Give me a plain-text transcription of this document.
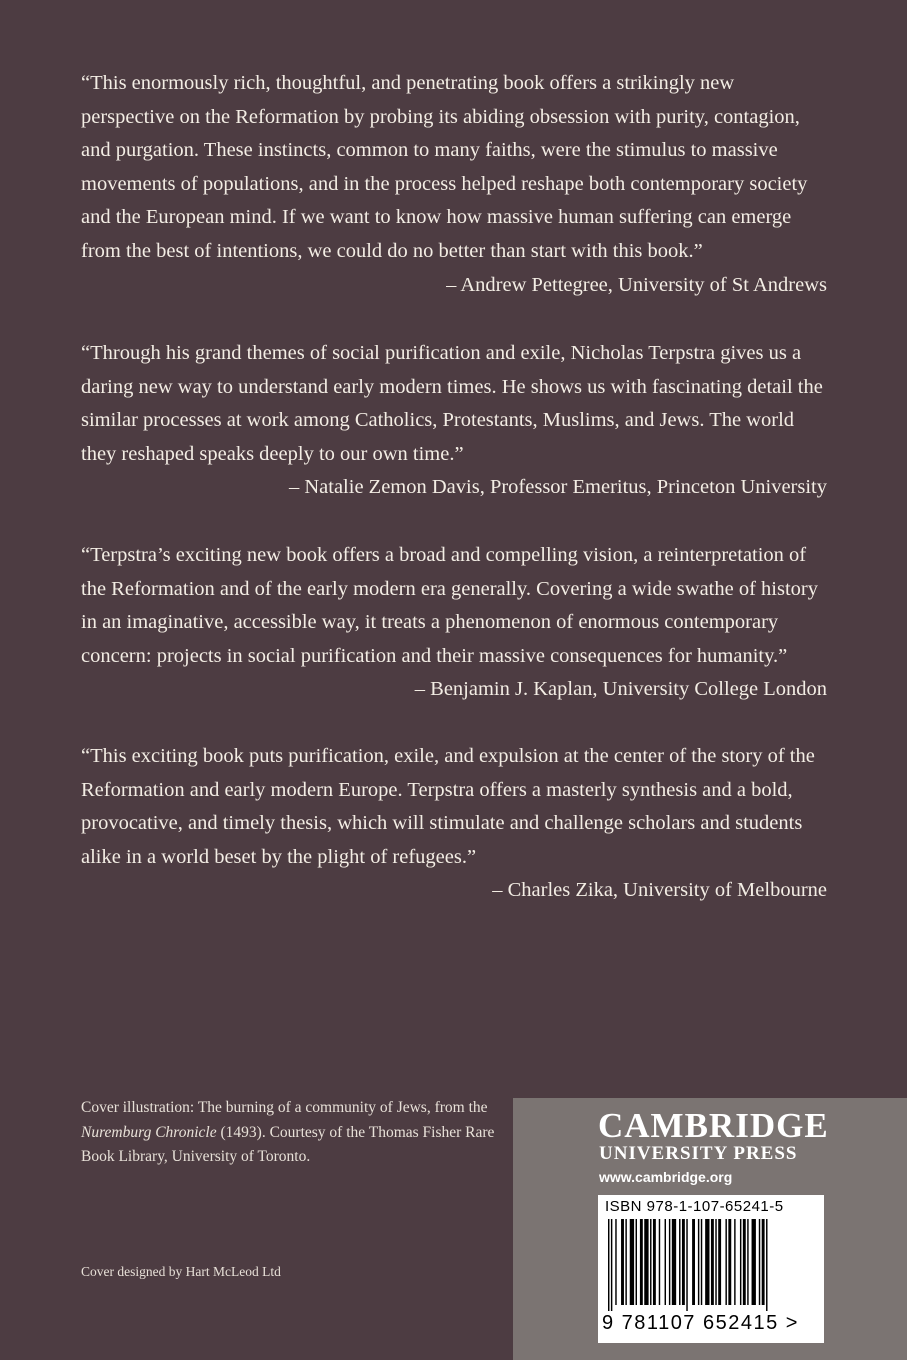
“This enormously rich, thoughtful, and penetrating book offers a strikingly new perspective on the Reformation by probing its abiding obsession with purity, contagion, and purgation. These instincts, common to many faiths, were the stimulus to massive movements of populations, and in the process helped reshape both contemporary society and the European mind. If we want to know how massive human suffering can emerge from the best of intentions, we could do no better than start with this book.”
– Andrew Pettegree, University of St Andrews
“Through his grand themes of social purification and exile, Nicholas Terpstra gives us a daring new way to understand early modern times. He shows us with fascinating detail the similar processes at work among Catholics, Protestants, Muslims, and Jews. The world they reshaped speaks deeply to our own time.”
– Natalie Zemon Davis, Professor Emeritus, Princeton University
“Terpstra’s exciting new book offers a broad and compelling vision, a reinterpretation of the Reformation and of the early modern era generally. Covering a wide swathe of history in an imaginative, accessible way, it treats a phenomenon of enormous contemporary concern: projects in social purification and their massive consequences for humanity.”
– Benjamin J. Kaplan, University College London
“This exciting book puts purification, exile, and expulsion at the center of the story of the Reformation and early modern Europe. Terpstra offers a masterly synthesis and a bold, provocative, and timely thesis, which will stimulate and challenge scholars and students alike in a world beset by the plight of refugees.”
– Charles Zika, University of Melbourne
Cover illustration: The burning of a community of Jews, from the Nuremburg Chronicle (1493). Courtesy of the Thomas Fisher Rare Book Library, University of Toronto.
Cover designed by Hart McLeod Ltd
CAMBRIDGE
UNIVERSITY PRESS
www.cambridge.org
ISBN 978-1-107-65241-5
9 781107 652415 >
